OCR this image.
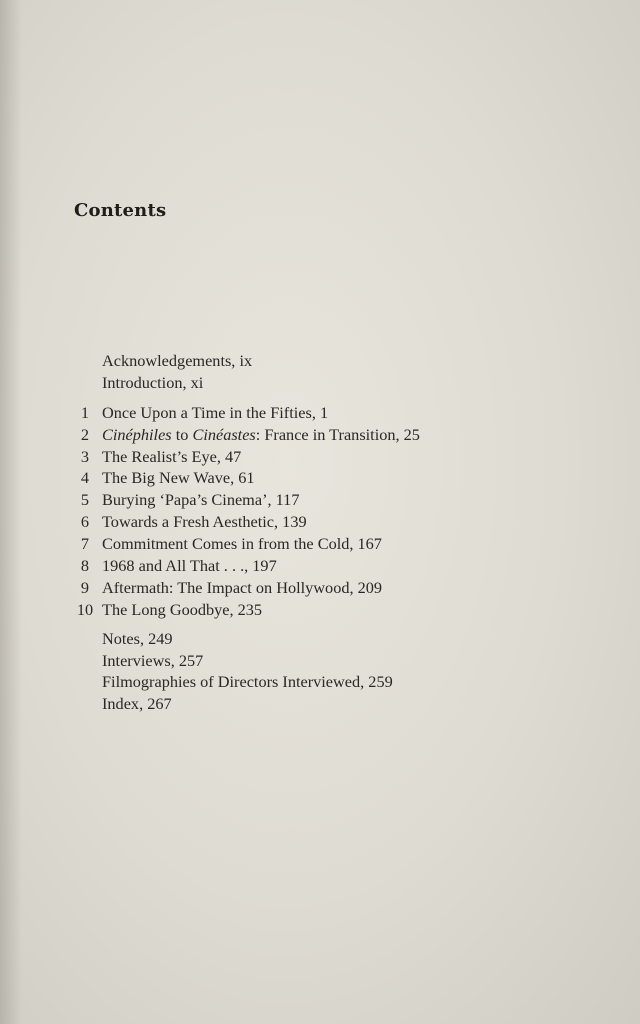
Contents
Acknowledgements, ix
Introduction, xi
1 Once Upon a Time in the Fifties, 1
2 Cinéphiles to Cinéastes: France in Transition, 25
3 The Realist’s Eye, 47
4 The Big New Wave, 61
5 Burying ‘Papa’s Cinema’, 117
6 Towards a Fresh Aesthetic, 139
7 Commitment Comes in from the Cold, 167
8 1968 and All That . . ., 197
9 Aftermath: The Impact on Hollywood, 209
10 The Long Goodbye, 235
Notes, 249
Interviews, 257
Filmographies of Directors Interviewed, 259
Index, 267
